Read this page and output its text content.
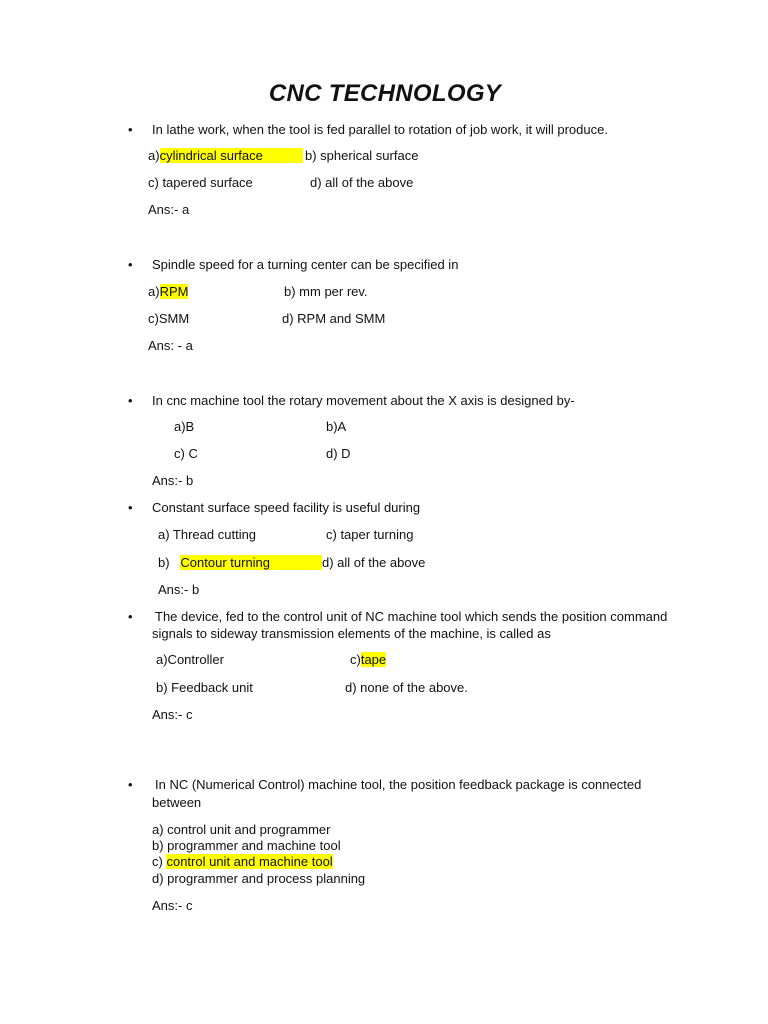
CNC TECHNOLOGY
• In lathe work, when the tool is fed parallel to rotation of job work, it will produce.
a)cylindrical surface	b) spherical surface
c) tapered surface	d) all of the above
Ans:- a
• Spindle speed for a turning center can be specified in
a)RPM	b) mm per rev.
c)SMM	d) RPM and SMM
Ans: - a
• In cnc machine tool the rotary movement about the X axis is designed by-
a)B	b)A
c) C	d) D
Ans:- b
• Constant surface speed facility is useful during
a) Thread cutting	c) taper turning
b) Contour turning	d) all of the above
Ans:- b
• The device, fed to the control unit of NC machine tool which sends the position command
signals to sideway transmission elements of the machine, is called as
a)Controller	c)tape
b) Feedback unit	d) none of the above.
Ans:- c
• In NC (Numerical Control) machine tool, the position feedback package is connected
between
a) control unit and programmer
b) programmer and machine tool
c) control unit and machine tool
d) programmer and process planning
Ans:- c
